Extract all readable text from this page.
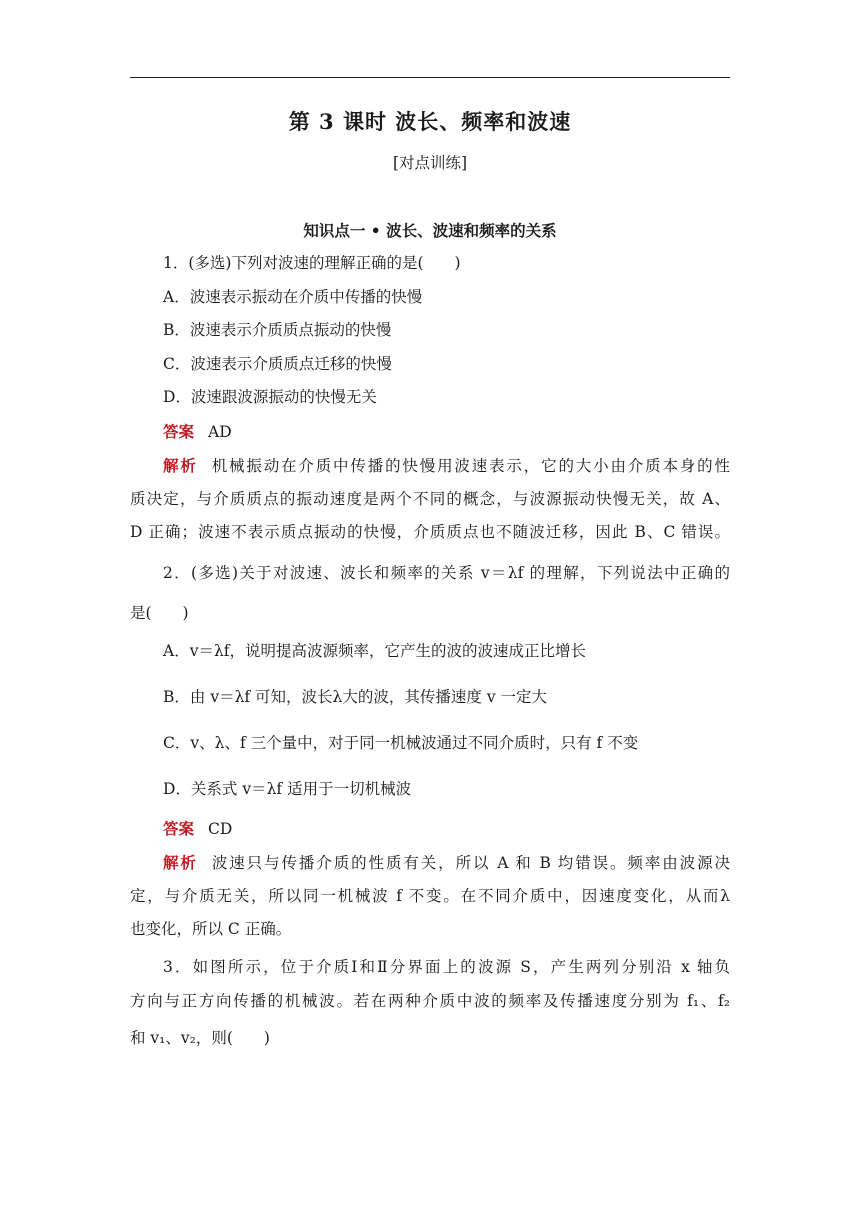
第 3 课时 波长、频率和波速
[对点训练]
知识点一 • 波长、波速和频率的关系
1．(多选)下列对波速的理解正确的是(　　)
A．波速表示振动在介质中传播的快慢
B．波速表示介质质点振动的快慢
C．波速表示介质质点迁移的快慢
D．波速跟波源振动的快慢无关
答案 AD
解析 机械振动在介质中传播的快慢用波速表示，它的大小由介质本身的性
质决定，与介质质点的振动速度是两个不同的概念，与波源振动快慢无关，故 A、
D 正确；波速不表示质点振动的快慢，介质质点也不随波迁移，因此 B、C 错误。
2．(多选)关于对波速、波长和频率的关系 v＝λf 的理解，下列说法中正确的
是(　　)
A．v＝λf，说明提高波源频率，它产生的波的波速成正比增长
B．由 v＝λf 可知，波长λ大的波，其传播速度 v 一定大
C．v、λ、f 三个量中，对于同一机械波通过不同介质时，只有 f 不变
D．关系式 v＝λf 适用于一切机械波
答案 CD
解析 波速只与传播介质的性质有关，所以 A 和 B 均错误。频率由波源决
定，与介质无关，所以同一机械波 f 不变。在不同介质中，因速度变化，从而λ
也变化，所以 C 正确。
3．如图所示，位于介质Ⅰ和Ⅱ分界面上的波源 S，产生两列分别沿 x 轴负
方向与正方向传播的机械波。若在两种介质中波的频率及传播速度分别为 f₁、f₂
和 v₁、v₂，则(　　)
